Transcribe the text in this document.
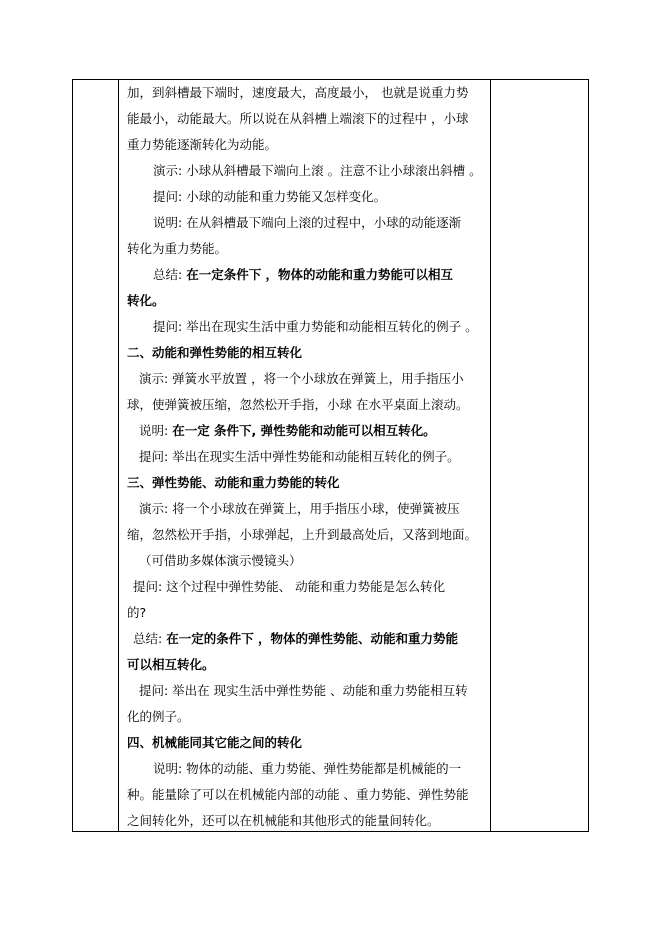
加，到斜槽最下端时，速度最大，高度最小， 也就是说重力势
能最小，动能最大。所以说在从斜槽上端滚下的过程中 ，小球
重力势能逐渐转化为动能。
演示: 小球从斜槽最下端向上滚 。注意不让小球滚出斜槽 。
提问: 小球的动能和重力势能又怎样变化。
说明: 在从斜槽最下端向上滚的过程中，小球的动能逐渐
转化为重力势能。
总结: 在一定条件下 ，物体的动能和重力势能可以相互
转化。
提问: 举出在现实生活中重力势能和动能相互转化的例子 。
二、动能和弹性势能的相互转化
演示: 弹簧水平放置 ，将一个小球放在弹簧上，用手指压小
球，使弹簧被压缩，忽然松开手指，小球 在水平桌面上滚动。
说明: 在一定 条件下, 弹性势能和动能可以相互转化。
提问: 举出在现实生活中弹性势能和动能相互转化的例子。
三、弹性势能、动能和重力势能的转化
演示: 将一个小球放在弹簧上，用手指压小球，使弹簧被压
缩，忽然松开手指，小球弹起，上升到最高处后，又落到地面。
（可借助多媒体演示慢镜头）
提问: 这个过程中弹性势能、 动能和重力势能是怎么转化
的?
总结: 在一定的条件下 ，物体的弹性势能、动能和重力势能
可以相互转化。
提问: 举出在 现实生活中弹性势能 、动能和重力势能相互转
化的例子。
四、机械能同其它能之间的转化
说明: 物体的动能、重力势能、弹性势能都是机械能的一
种。能量除了可以在机械能内部的动能 、重力势能、弹性势能
之间转化外，还可以在机械能和其他形式的能量间转化。
